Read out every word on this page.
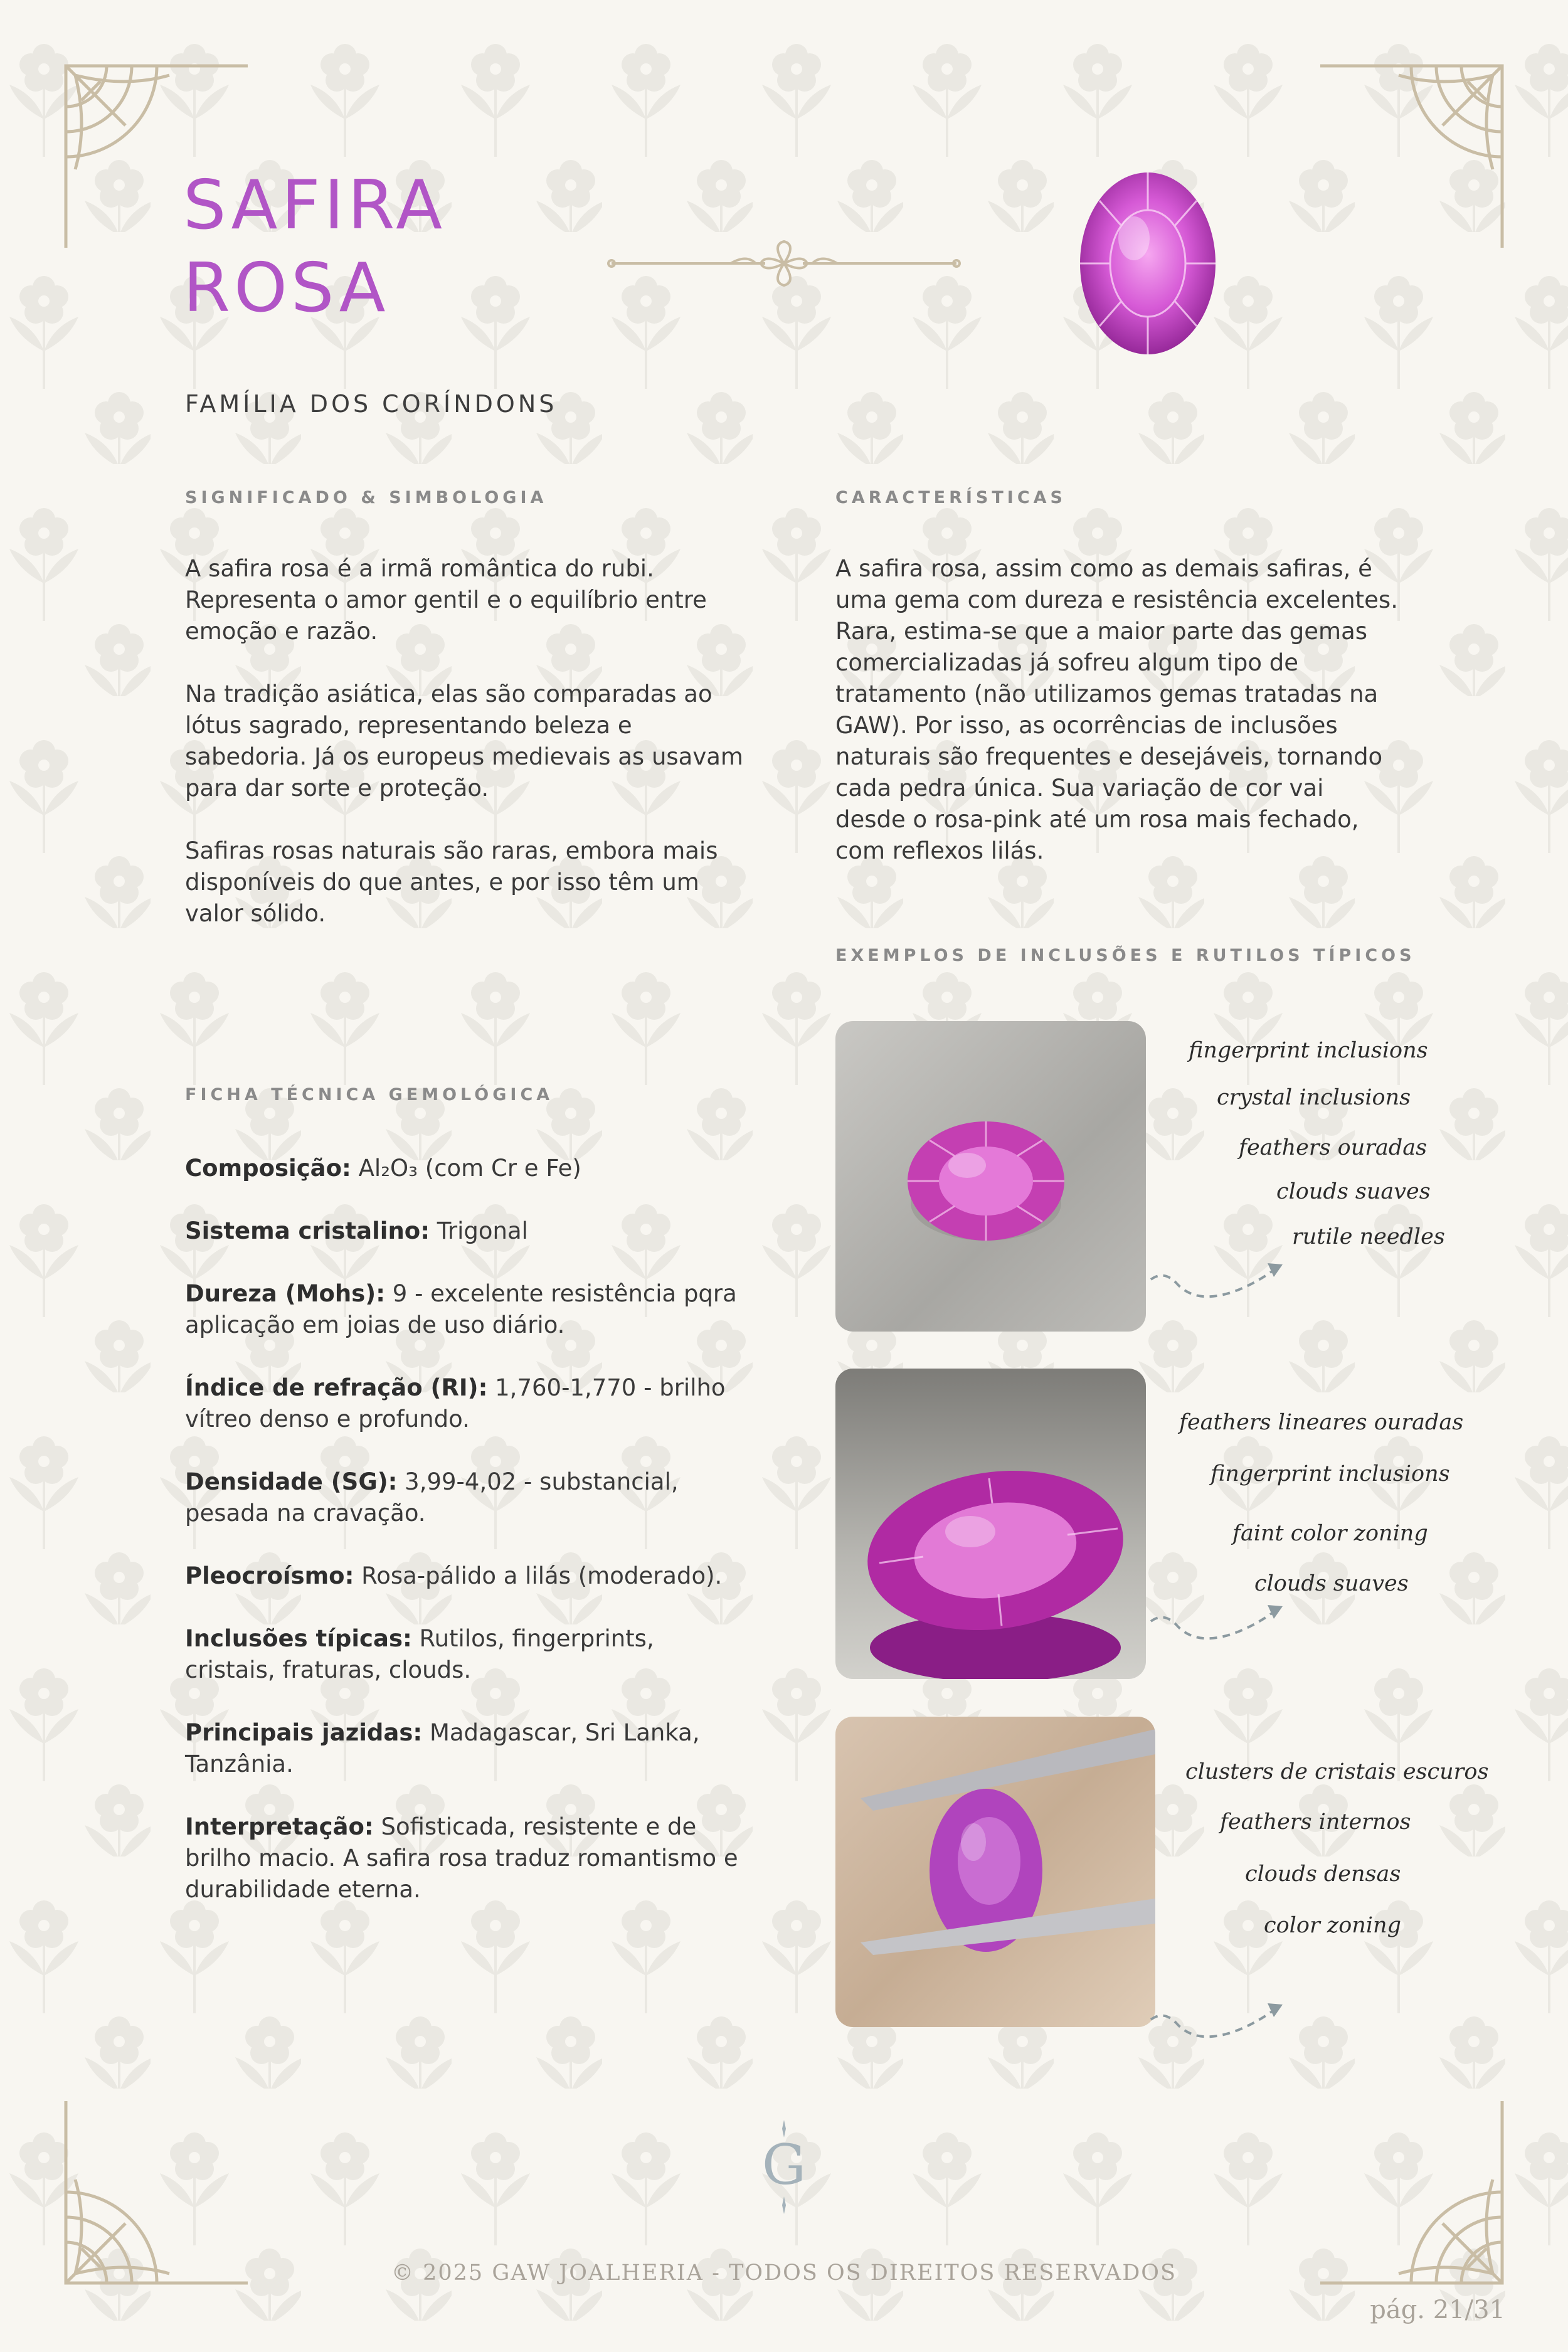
SAFIRA
ROSA
FAMÍLIA DOS CORÍNDONS
SIGNIFICADO & SIMBOLOGIA

A safira rosa é a irmã romântica do rubi. Representa o amor gentil e o equilíbrio entre emoção e razão.

Na tradição asiática, elas são comparadas ao lótus sagrado, representando beleza e sabedoria. Já os europeus medievais as usavam para dar sorte e proteção.

Safiras rosas naturais são raras, embora mais disponíveis do que antes, e por isso têm um valor sólido.

CARACTERÍSTICAS
A safira rosa, assim como as demais safiras, é uma gema com dureza e resistência excelentes. Rara, estima-se que a maior parte das gemas comercializadas já sofreu algum tipo de tratamento (não utilizamos gemas tratadas na GAW). Por isso, as ocorrências de inclusões naturais são frequentes e desejáveis, tornando cada pedra única. Sua variação de cor vai desde o rosa-pink até um rosa mais fechado, com reflexos lilás.
EXEMPLOS DE INCLUSÕES E RUTILOS TÍPICOS
FICHA TÉCNICA GEMOLÓGICA
Composição: Al₂O₃ (com Cr e Fe)
Sistema cristalino: Trigonal
Dureza (Mohs): 9 - excelente resistência pqra aplicação em joias de uso diário.
Índice de refração (RI): 1,760-1,770 - brilho vítreo denso e profundo.
Densidade (SG): 3,99-4,02 - substancial, pesada na cravação.
Pleocroísmo: Rosa-pálido a lilás (moderado).
Inclusões típicas: Rutilos, fingerprints, cristais, fraturas, clouds.
Principais jazidas: Madagascar, Sri Lanka, Tanzânia.
Interpretação: Sofisticada, resistente e de brilho macio. A safira rosa traduz romantismo e durabilidade eterna.
fingerprint inclusions
crystal inclusions
feathers ouradas
clouds suaves
rutile needles
feathers lineares ouradas
fingerprint inclusions
faint color zoning
clouds suaves
clusters de cristais escuros
feathers internos
clouds densas
color zoning
G
© 2025 GAW JOALHERIA - TODOS OS DIREITOS RESERVADOS
pág. 21/31
